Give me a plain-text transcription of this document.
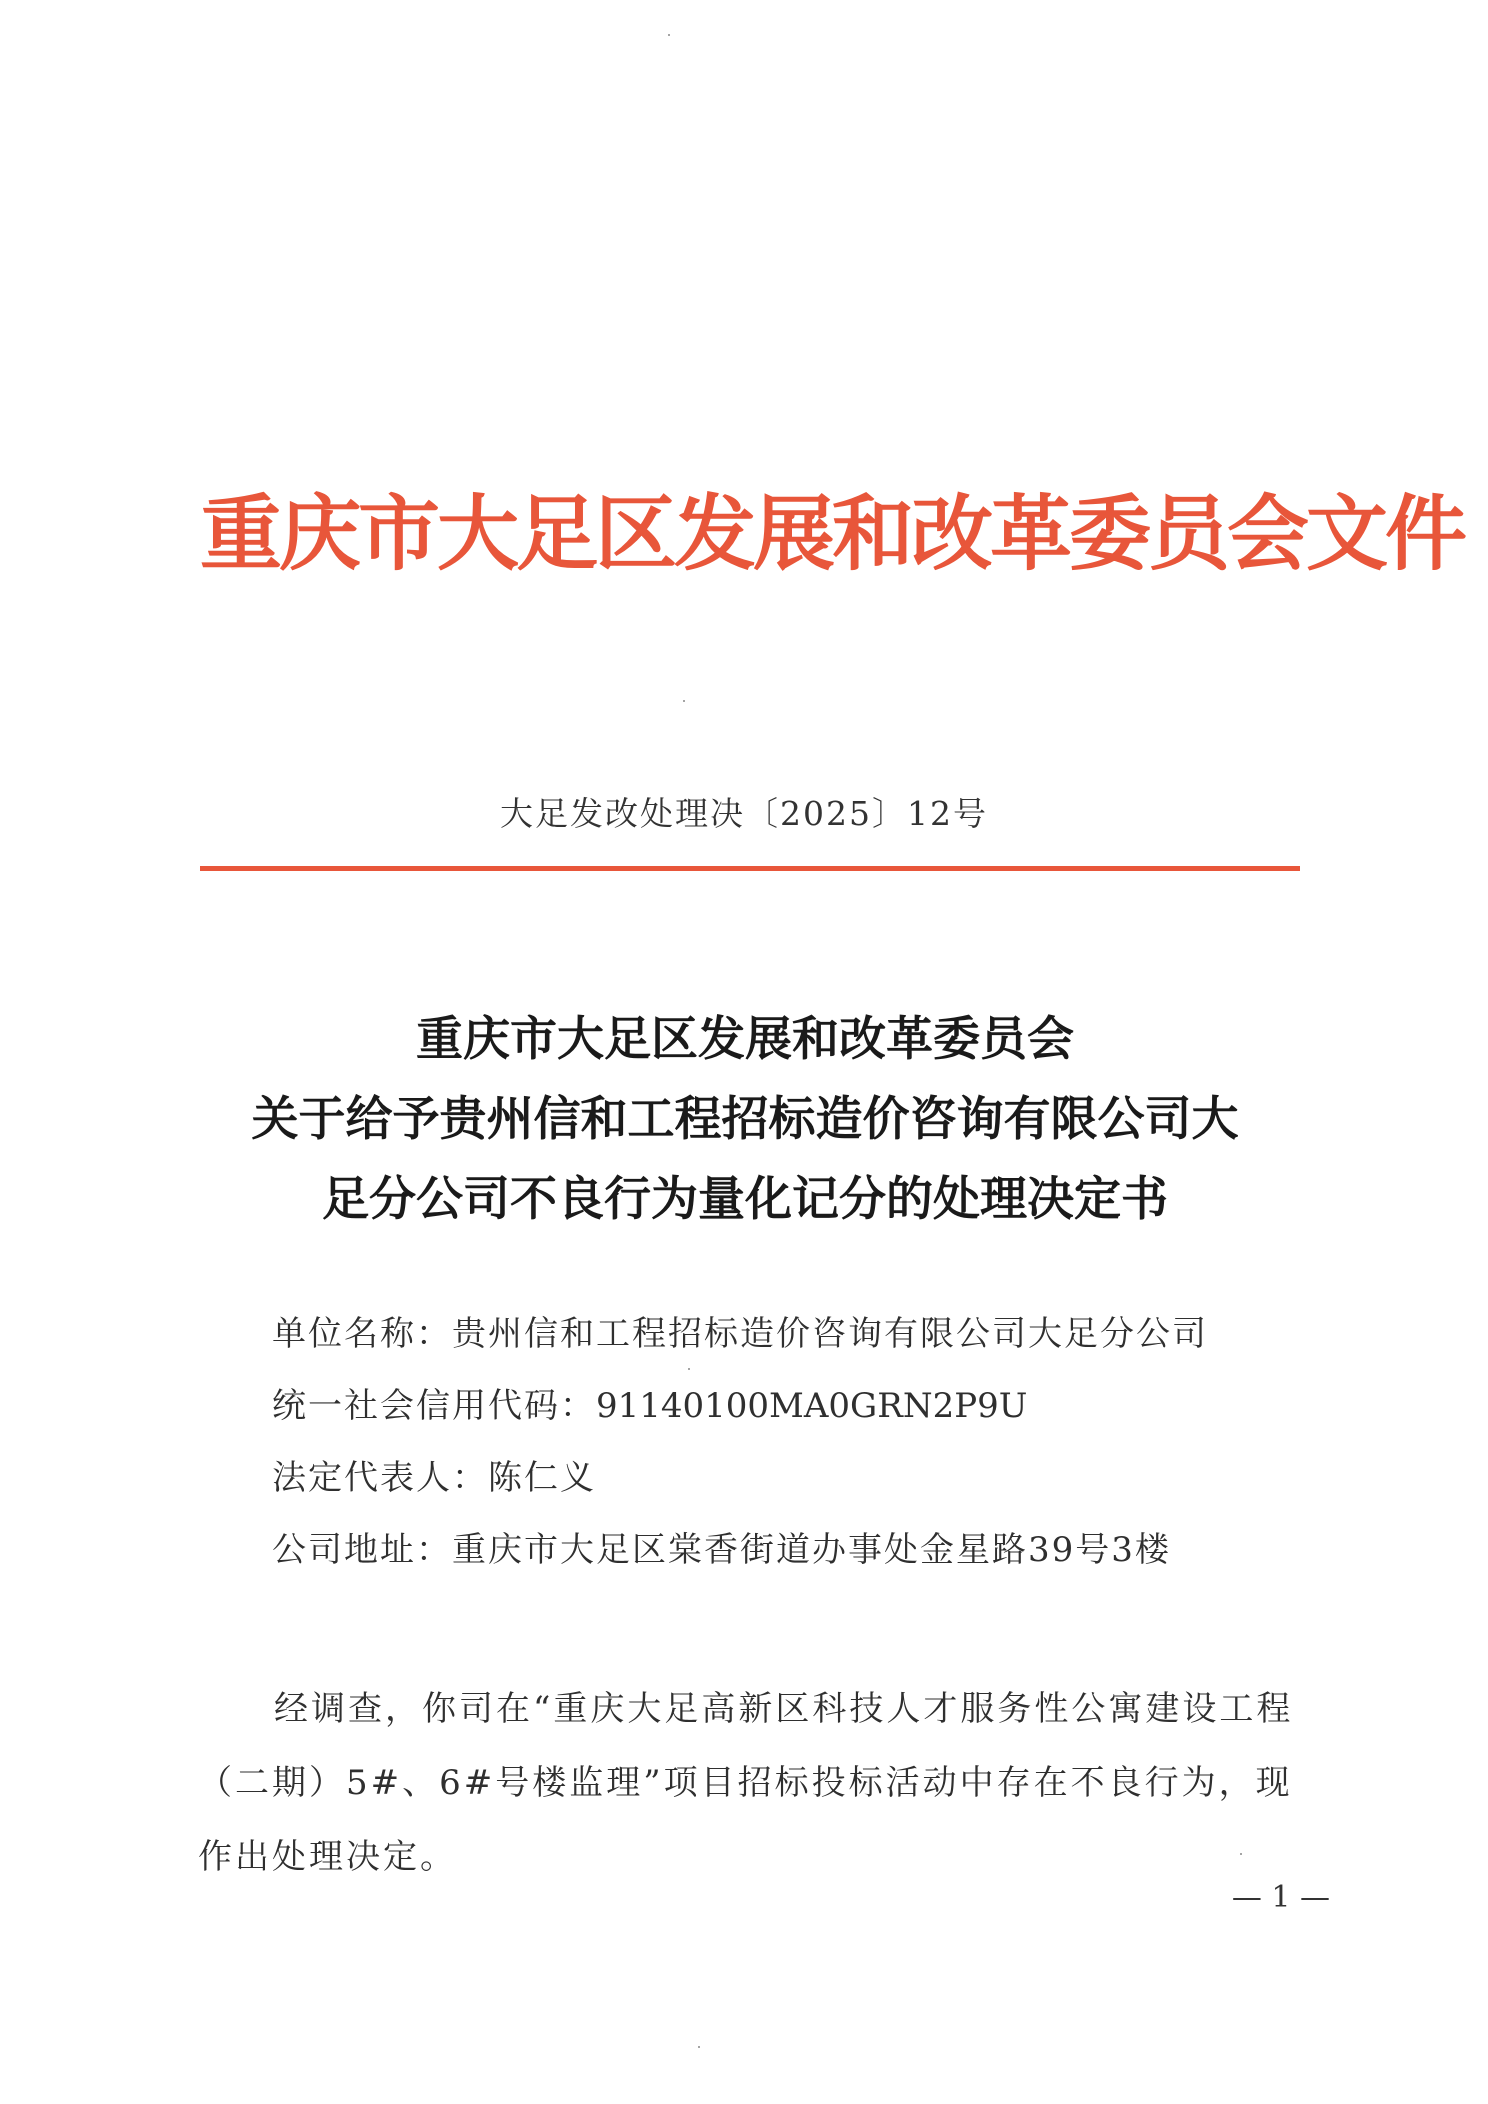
重庆市大足区发展和改革委员会文件
大足发改处理决〔2025〕12号
重庆市大足区发展和改革委员会
关于给予贵州信和工程招标造价咨询有限公司大
足分公司不良行为量化记分的处理决定书
单位名称：贵州信和工程招标造价咨询有限公司大足分公司
统一社会信用代码：91140100MA0GRN2P9U
法定代表人：陈仁义
公司地址：重庆市大足区棠香街道办事处金星路39号3楼
经调查，你司在“重庆大足高新区科技人才服务性公寓建设工程（二期）5#、6#号楼监理”项目招标投标活动中存在不良行为，现作出处理决定。
— 1 —
